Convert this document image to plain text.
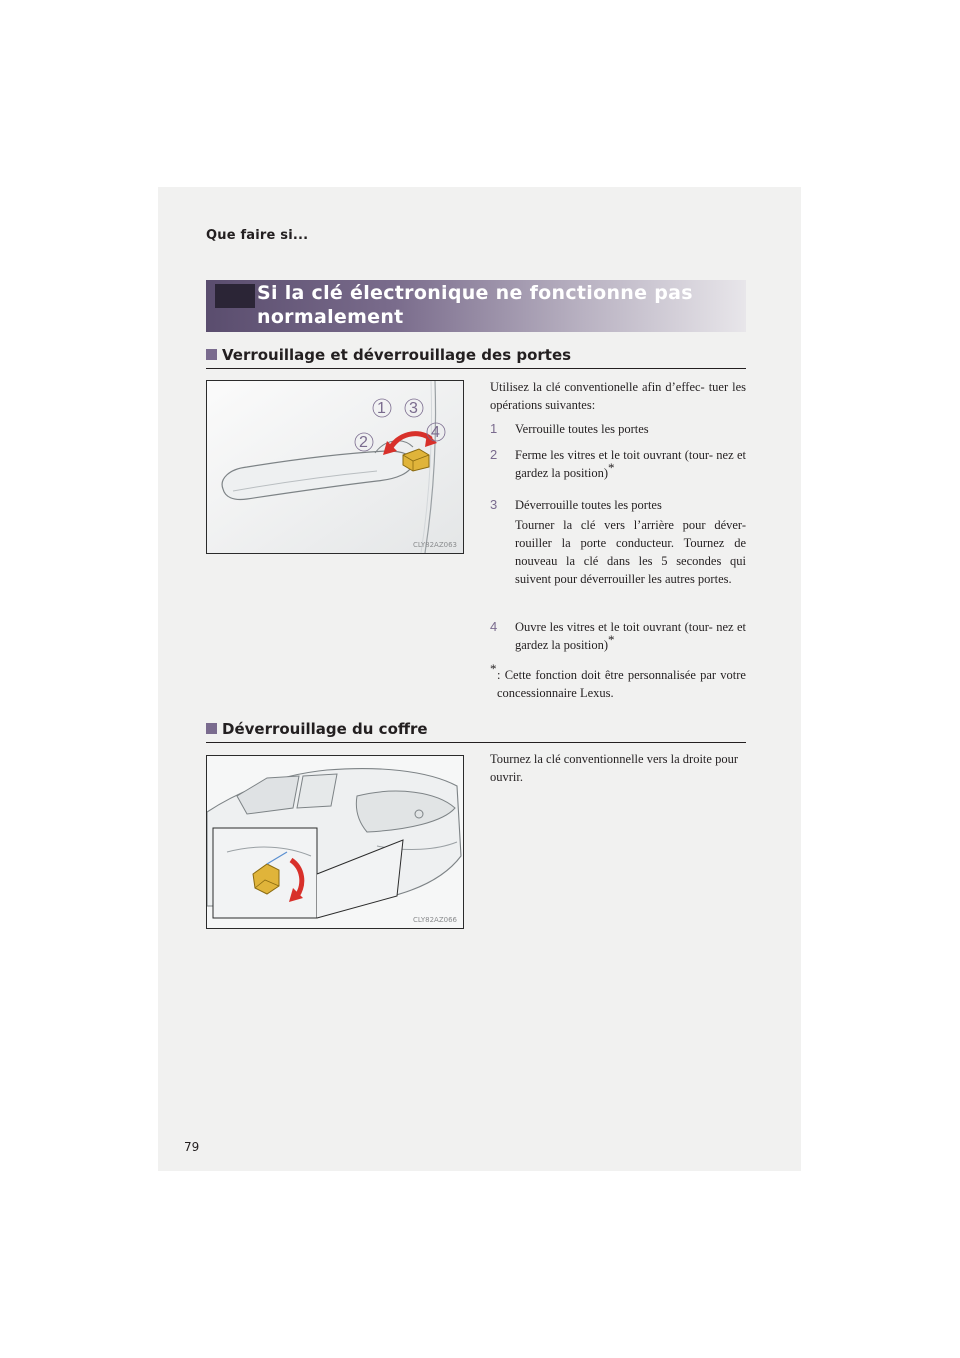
Que faire si...
Si la clé électronique ne fonctionne pas normalement
Verrouillage et déverrouillage des portes
1
2
3
4
CLY82AZ063
Utilisez la clé conventionelle afin d’effec- tuer les opérations suivantes:
1	Verrouille toutes les portes
2	Ferme les vitres et le toit ouvrant (tour- nez et gardez la position)*
3	Déverrouille toutes les portes
Tourner la clé vers l’arrière pour déver- rouiller la porte conducteur. Tournez de nouveau la clé dans les 5 secondes qui suivent pour déverrouiller les autres portes.
4	Ouvre les vitres et le toit ouvrant (tour- nez et gardez la position)*
* : Cette fonction doit être personnalisée par votre concessionnaire Lexus.
Déverrouillage du coffre
CLY82AZ066
Tournez la clé conventionnelle vers la droite pour ouvrir.
79
